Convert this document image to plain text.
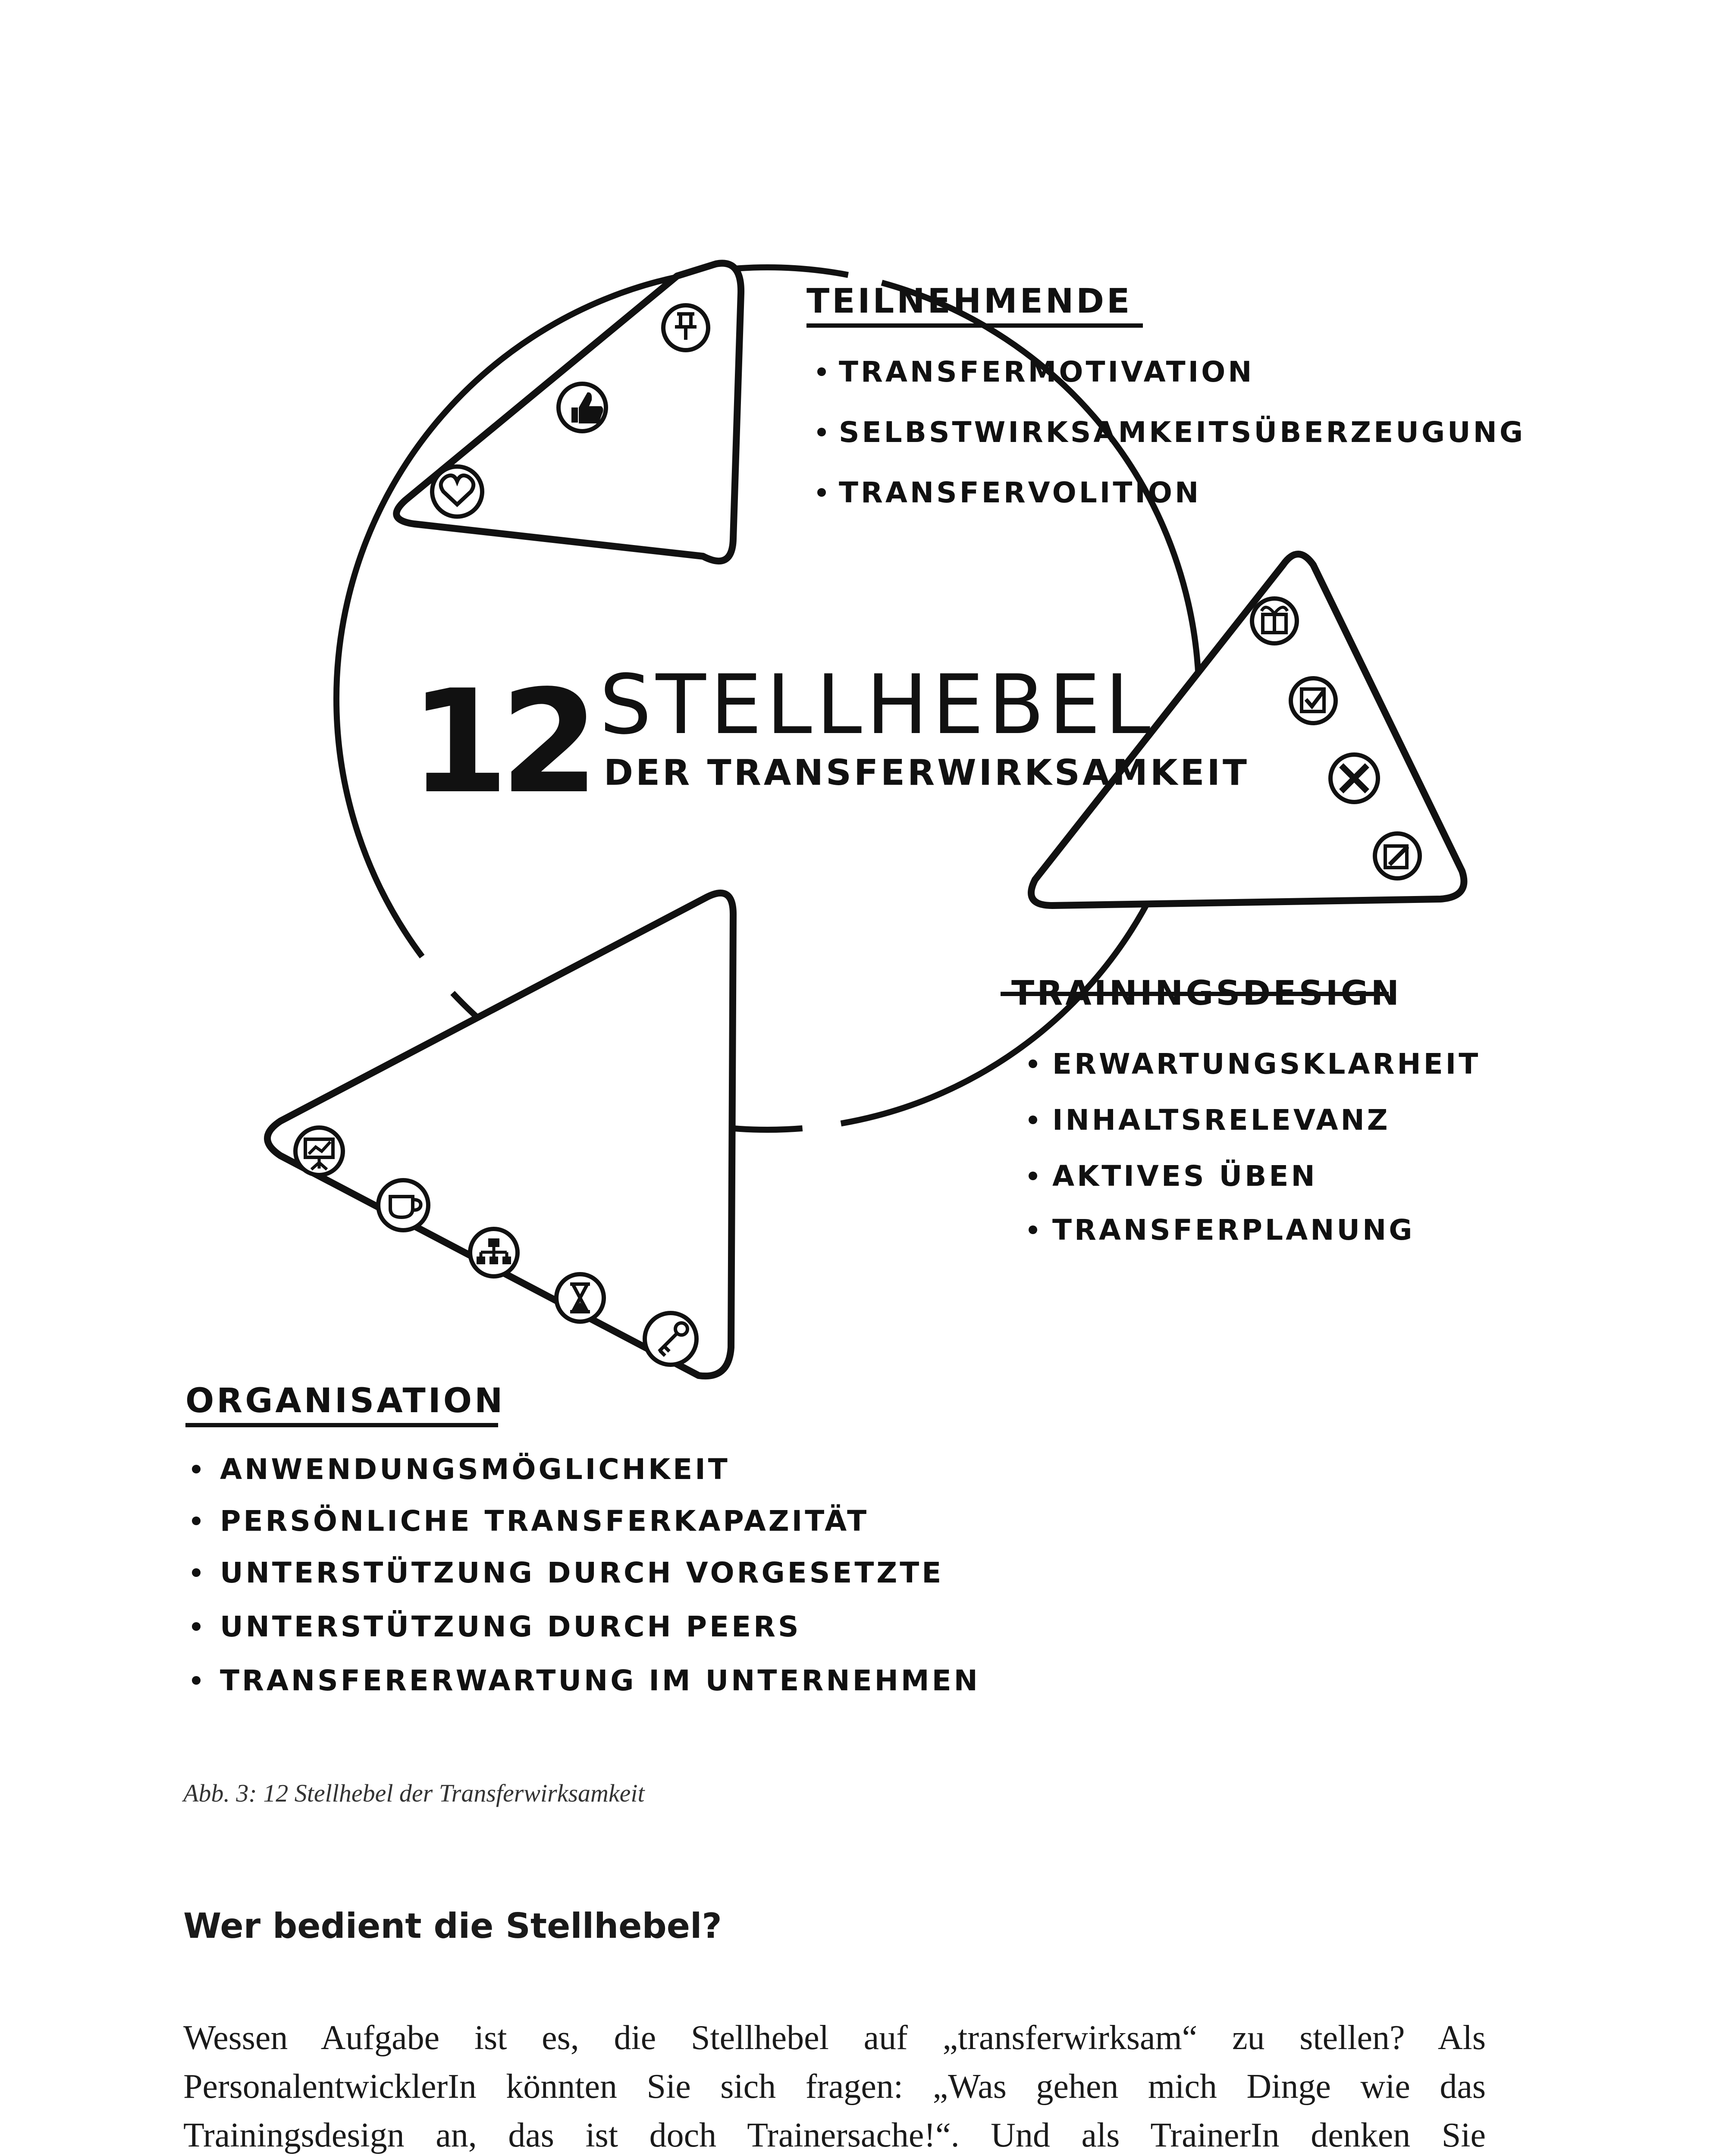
12 STELLHEBEL
DER TRANSFERWIRKSAMKEIT
TEILNEHMENDE
TRANSFERMOTIVATION
SELBSTWIRKSAMKEITSÜBERZEUGUNG
TRANSFERVOLITION
TRAININGSDESIGN
ERWARTUNGSKLARHEIT
INHALTSRELEVANZ
AKTIVES ÜBEN
TRANSFERPLANUNG
ORGANISATION
ANWENDUNGSMÖGLICHKEIT
PERSÖNLICHE TRANSFERKAPAZITÄT
UNTERSTÜTZUNG DURCH VORGESETZTE
UNTERSTÜTZUNG DURCH PEERS
TRANSFERERWARTUNG IM UNTERNEHMEN

Abb. 3: 12 Stellhebel der Transferwirksamkeit

Wer bedient die Stellhebel?

Wessen Aufgabe ist es, die Stellhebel auf „transferwirksam“ zu stellen? Als PersonalentwicklerIn könnten Sie sich fragen: „Was gehen mich Dinge wie das Trainingsdesign an, das ist doch Trainersache!“. Und als TrainerIn denken Sie
